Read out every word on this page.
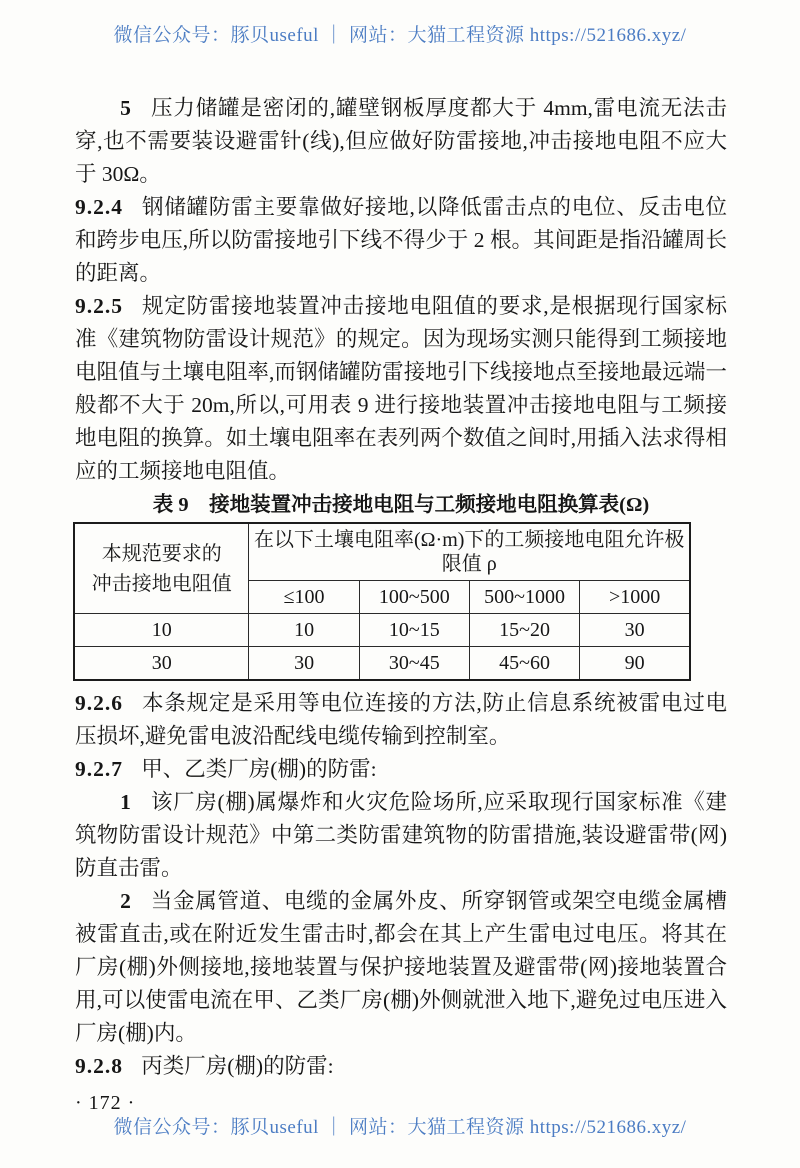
微信公众号：豚贝useful ｜ 网站：大猫工程资源 https://521686.xyz/

5 压力储罐是密闭的,罐壁钢板厚度都大于 4mm,雷电流无法击穿,也不需要装设避雷针(线),但应做好防雷接地,冲击接地电阻不应大于 30Ω。

9.2.4 钢储罐防雷主要靠做好接地,以降低雷击点的电位、反击电位和跨步电压,所以防雷接地引下线不得少于 2 根。其间距是指沿罐周长的距离。

9.2.5 规定防雷接地装置冲击接地电阻值的要求,是根据现行国家标准《建筑物防雷设计规范》的规定。因为现场实测只能得到工频接地电阻值与土壤电阻率,而钢储罐防雷接地引下线接地点至接地最远端一般都不大于 20m,所以,可用表 9 进行接地装置冲击接地电阻与工频接地电阻的换算。如土壤电阻率在表列两个数值之间时,用插入法求得相应的工频接地电阻值。

表 9　接地装置冲击接地电阻与工频接地电阻换算表(Ω)
本规范要求的
冲击接地电阻值	在以下土壤电阻率(Ω·m)下的工频接地电阻允许极限值 ρ			
	≤100	100~500	500~1000	>1000
10	10	10~15	15~20	30
30	30	30~45	45~60	90

9.2.6 本条规定是采用等电位连接的方法,防止信息系统被雷电过电压损坏,避免雷电波沿配线电缆传输到控制室。

9.2.7 甲、乙类厂房(棚)的防雷:

1 该厂房(棚)属爆炸和火灾危险场所,应采取现行国家标准《建筑物防雷设计规范》中第二类防雷建筑物的防雷措施,装设避雷带(网)防直击雷。

2 当金属管道、电缆的金属外皮、所穿钢管或架空电缆金属槽被雷直击,或在附近发生雷击时,都会在其上产生雷电过电压。将其在厂房(棚)外侧接地,接地装置与保护接地装置及避雷带(网)接地装置合用,可以使雷电流在甲、乙类厂房(棚)外侧就泄入地下,避免过电压进入厂房(棚)内。

9.2.8 丙类厂房(棚)的防雷:

· 172 ·
微信公众号：豚贝useful ｜ 网站：大猫工程资源 https://521686.xyz/
